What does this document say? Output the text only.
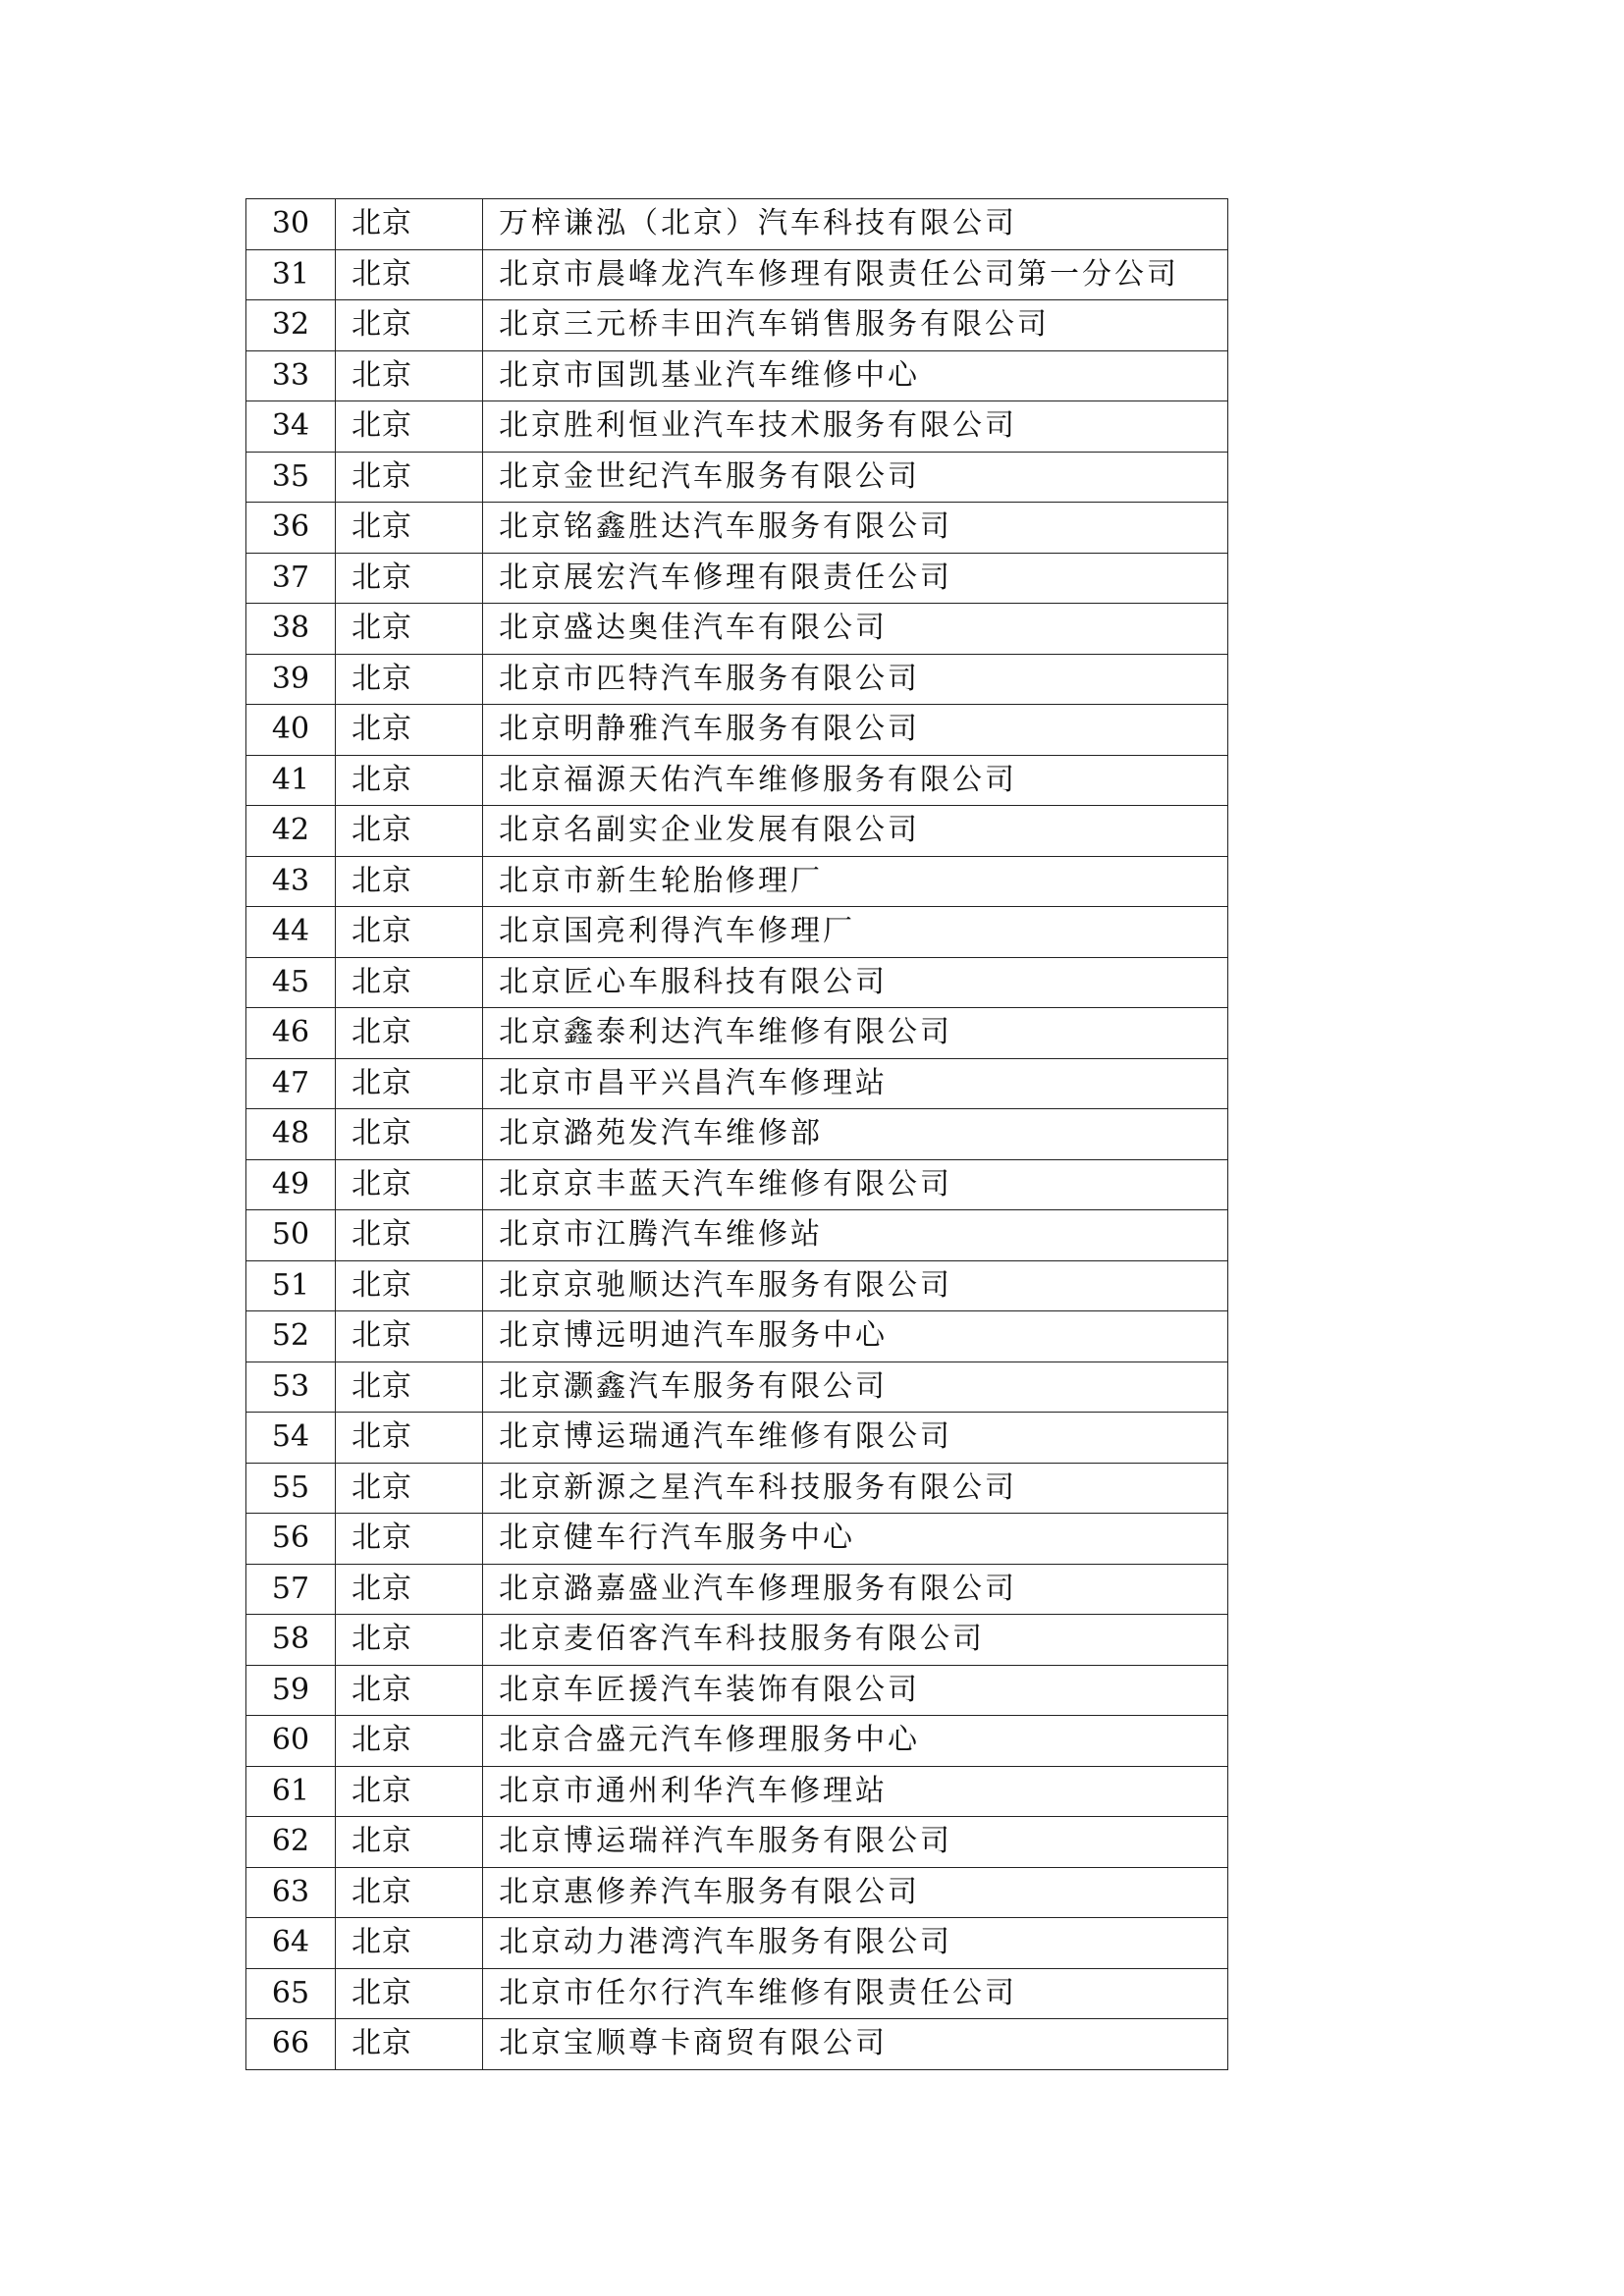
30	北京	万梓谦泓（北京）汽车科技有限公司
31	北京	北京市晨峰龙汽车修理有限责任公司第一分公司
32	北京	北京三元桥丰田汽车销售服务有限公司
33	北京	北京市国凯基业汽车维修中心
34	北京	北京胜利恒业汽车技术服务有限公司
35	北京	北京金世纪汽车服务有限公司
36	北京	北京铭鑫胜达汽车服务有限公司
37	北京	北京展宏汽车修理有限责任公司
38	北京	北京盛达奥佳汽车有限公司
39	北京	北京市匹特汽车服务有限公司
40	北京	北京明静雅汽车服务有限公司
41	北京	北京福源天佑汽车维修服务有限公司
42	北京	北京名副实企业发展有限公司
43	北京	北京市新生轮胎修理厂
44	北京	北京国亮利得汽车修理厂
45	北京	北京匠心车服科技有限公司
46	北京	北京鑫泰利达汽车维修有限公司
47	北京	北京市昌平兴昌汽车修理站
48	北京	北京潞苑发汽车维修部
49	北京	北京京丰蓝天汽车维修有限公司
50	北京	北京市江腾汽车维修站
51	北京	北京京驰顺达汽车服务有限公司
52	北京	北京博远明迪汽车服务中心
53	北京	北京灏鑫汽车服务有限公司
54	北京	北京博运瑞通汽车维修有限公司
55	北京	北京新源之星汽车科技服务有限公司
56	北京	北京健车行汽车服务中心
57	北京	北京潞嘉盛业汽车修理服务有限公司
58	北京	北京麦佰客汽车科技服务有限公司
59	北京	北京车匠援汽车装饰有限公司
60	北京	北京合盛元汽车修理服务中心
61	北京	北京市通州利华汽车修理站
62	北京	北京博运瑞祥汽车服务有限公司
63	北京	北京惠修养汽车服务有限公司
64	北京	北京动力港湾汽车服务有限公司
65	北京	北京市任尔行汽车维修有限责任公司
66	北京	北京宝顺尊卡商贸有限公司
